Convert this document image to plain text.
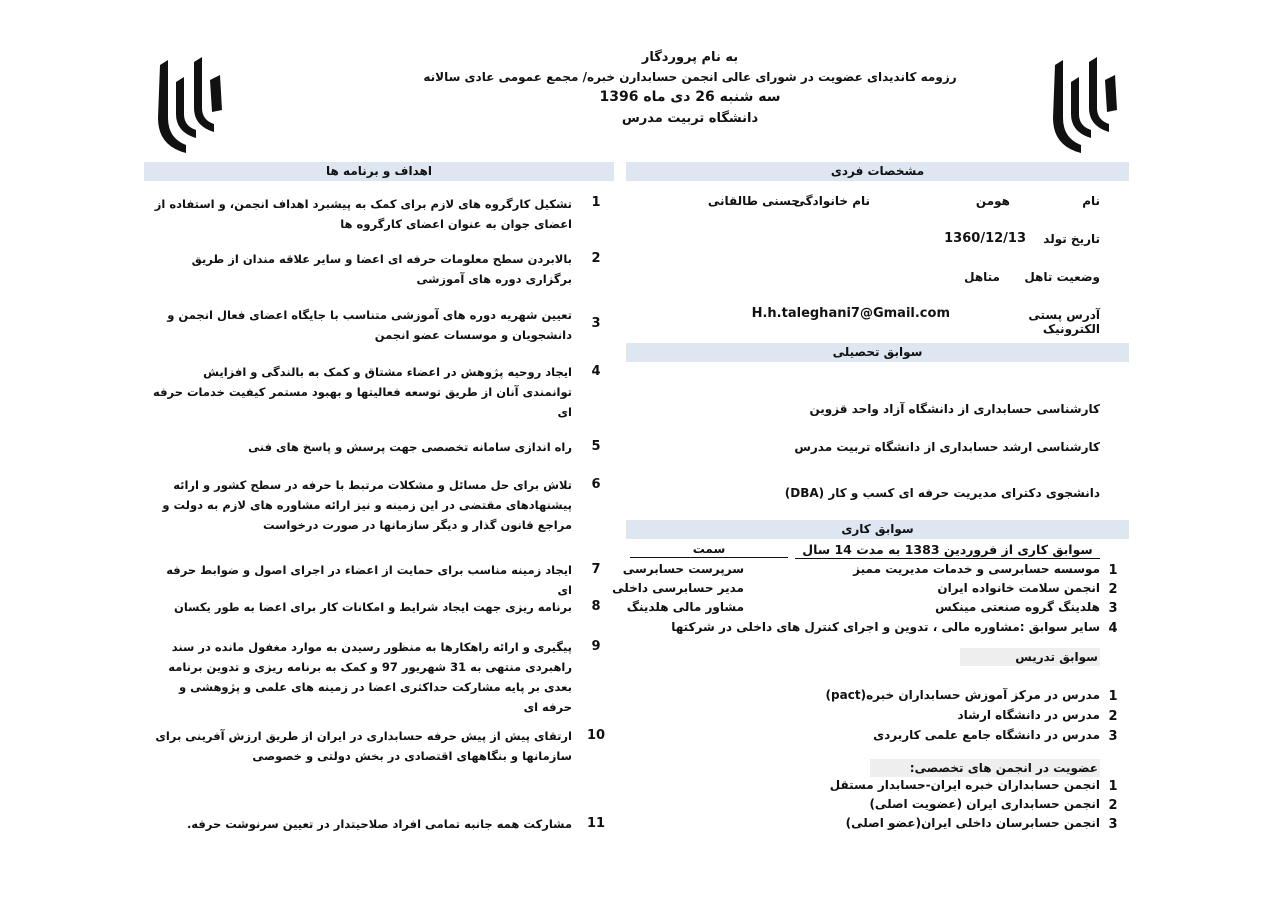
به نام پروردگار
رزومه کاندیدای عضویت در شورای عالی انجمن حسابدارن خبره/ مجمع عمومی عادی سالانه
سه شنبه 26 دی ماه 1396
دانشگاه تربیت مدرس
اهداف و برنامه ها	مشخصات فردی
1
تشکیل کارگروه های لازم برای کمک به پیشبرد اهداف انجمن، و استفاده از اعضای جوان به عنوان اعضای کارگروه ها
2
بالابردن سطح معلومات حرفه ای اعضا و سایر علاقه مندان از طریق برگزاری دوره های آموزشی
3
تعیین شهریه دوره های آموزشی متناسب با جایگاه اعضای فعال انجمن و دانشجویان و موسسات عضو انجمن
4
ایجاد روحیه پژوهش در اعضاء مشتاق و کمک به بالندگی و افزایش توانمندی آنان از طریق توسعه فعالیتها و بهبود مستمر کیفیت خدمات حرفه ای
5
راه اندازی سامانه تخصصی جهت پرسش و پاسخ های فنی
6
تلاش برای حل مسائل و مشکلات مرتبط با حرفه در سطح کشور و ارائه پیشنهادهای مقتضی در این زمینه و نیز ارائه مشاوره های لازم به دولت و مراجع قانون گذار و دیگر سازمانها در صورت درخواست
7
ایجاد زمینه مناسب برای حمایت از اعضاء در اجرای اصول و ضوابط حرفه ای
8
برنامه ریزی جهت ایجاد شرایط و امکانات کار برای اعضا به طور یکسان
9
پیگیری و ارائه راهکارها به منظور رسیدن به موارد مغفول مانده در سند راهبردی منتهی به 31 شهریور 97 و کمک به برنامه ریزی و تدوین برنامه بعدی بر پایه مشارکت حداکثری اعضا در زمینه های علمی و پژوهشی و حرفه ای
10
ارتقای پیش از پیش حرفه حسابداری در ایران از طریق ارزش آفرینی برای سازمانها و بنگاههای اقتصادی در بخش دولتی و خصوصی
11
مشارکت همه جانبه تمامی افراد صلاحیتدار در تعیین سرنوشت حرفه.
نام
هومن
نام خانوادگی
حسنی طالقانی
تاریخ تولد
1360/12/13
وضعیت تاهل
متاهل
آدرس پستی الکترونیک
H.h.taleghani7@Gmail.com
سوابق تحصیلی
کارشناسی حسابداری از دانشگاه آزاد واحد قزوین
کارشناسی ارشد حسابداری از دانشگاه تربیت مدرس
دانشجوی دکترای مدیریت حرفه ای کسب و کار (DBA)
سوابق کاری
سوابق کاری از فروردین 1383 به مدت 14 سال
سمت
1
موسسه حسابرسی و خدمات مدیریت ممیز
سرپرست حسابرسی
2
انجمن سلامت خانواده ایران
مدیر حسابرسی داخلی
3
هلدینگ گروه صنعتی مینکس
مشاور مالی هلدینگ
4
سایر سوابق :مشاوره مالی ، تدوین و اجرای کنترل های داخلی در شرکتها
سوابق تدریس
1
مدرس در مرکز آموزش حسابداران خبره(pact)
2
مدرس در دانشگاه ارشاد
3
مدرس در دانشگاه جامع علمی کاربردی
عضویت در انجمن های تخصصی:
1
انجمن حسابداران خبره ایران-حسابدار مستقل
2
انجمن حسابداری ایران (عضویت اصلی)
3
انجمن حسابرسان داخلی ایران(عضو اصلی)
